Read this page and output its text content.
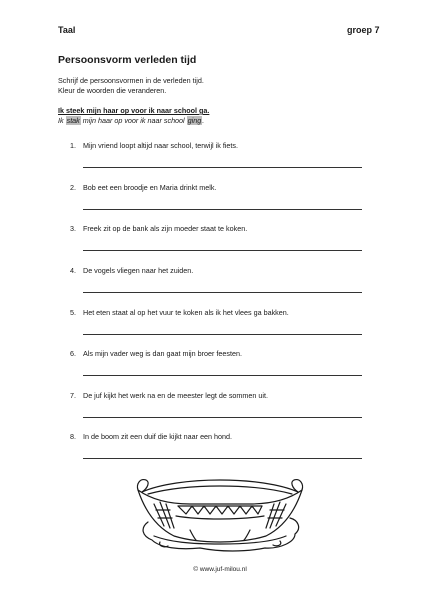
Taal	groep 7
Persoonsvorm verleden tijd
Schrijf de persoonsvormen in de verleden tijd.
Kleur de woorden die veranderen.
Ik steek mijn haar op voor ik naar school ga.
Ik stak mijn haar op voor ik naar school ging.
1. Mijn vriend loopt altijd naar school, terwijl ik fiets.
2. Bob eet een broodje en Maria drinkt melk.
3. Freek zit op de bank als zijn moeder staat te koken.
4. De vogels vliegen naar het zuiden.
5. Het eten staat al op het vuur te koken als ik het vlees ga bakken.
6. Als mijn vader weg is dan gaat mijn broer feesten.
7. De juf kijkt het werk na en de meester legt de sommen uit.
8. In de boom zit een duif die kijkt naar een hond.
© www.juf-milou.nl
